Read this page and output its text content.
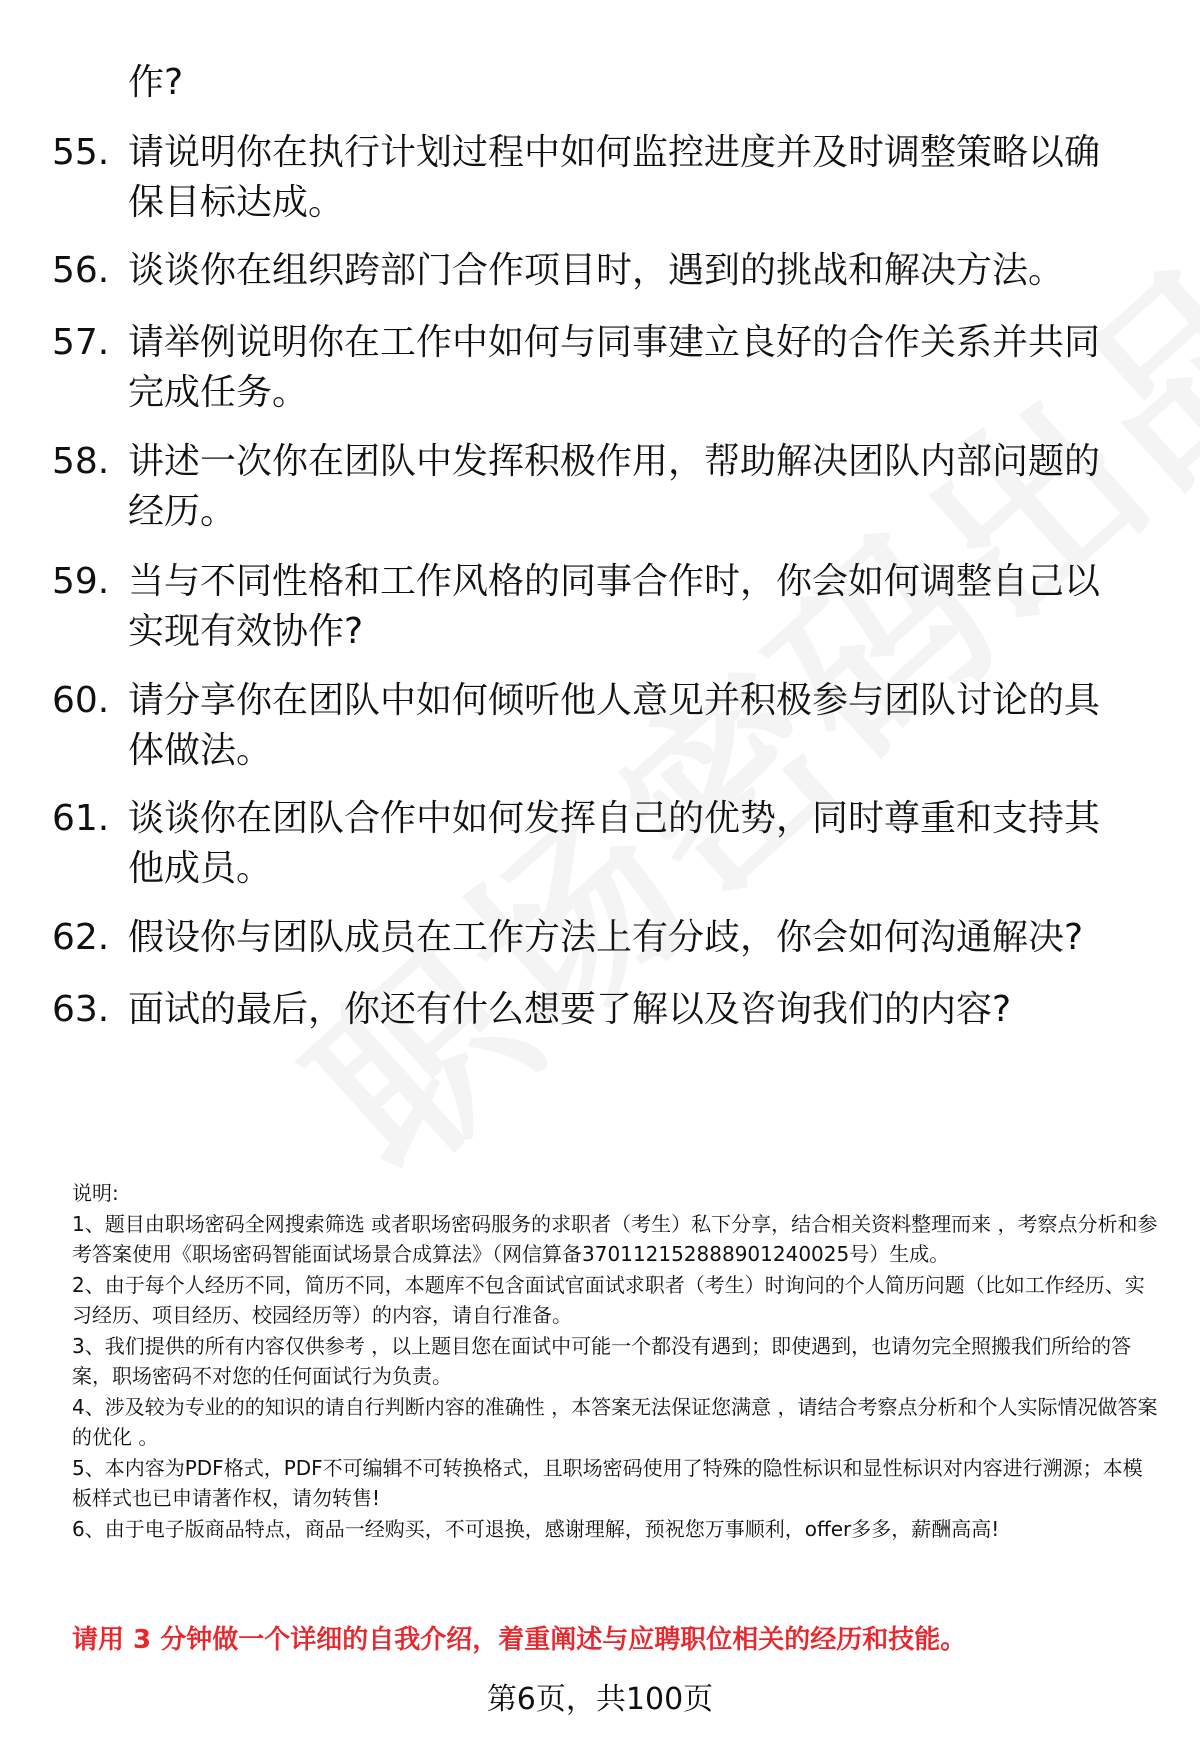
作?
55. 请说明你在执行计划过程中如何监控进度并及时调整策略以确保目标达成。
56. 谈谈你在组织跨部门合作项目时，遇到的挑战和解决方法。
57. 请举例说明你在工作中如何与同事建立良好的合作关系并共同完成任务。
58. 讲述一次你在团队中发挥积极作用，帮助解决团队内部问题的经历。
59. 当与不同性格和工作风格的同事合作时，你会如何调整自己以实现有效协作?
60. 请分享你在团队中如何倾听他人意见并积极参与团队讨论的具体做法。
61. 谈谈你在团队合作中如何发挥自己的优势，同时尊重和支持其他成员。
62. 假设你与团队成员在工作方法上有分歧，你会如何沟通解决?
63. 面试的最后，你还有什么想要了解以及咨询我们的内容?
说明:
1、题目由职场密码全网搜索筛选 或者职场密码服务的求职者（考生）私下分享，结合相关资料整理而来 ，考察点分析和参考答案使用《职场密码智能面试场景合成算法》（网信算备370112152888901240025号）生成。
2、由于每个人经历不同，简历不同，本题库不包含面试官面试求职者（考生）时询问的个人简历问题（比如工作经历、实习经历、项目经历、校园经历等）的内容，请自行准备。
3、我们提供的所有内容仅供参考 ，以上题目您在面试中可能一个都没有遇到；即使遇到，也请勿完全照搬我们所给的答案，职场密码不对您的任何面试行为负责。
4、涉及较为专业的的知识的请自行判断内容的准确性 ，本答案无法保证您满意 ，请结合考察点分析和个人实际情况做答案的优化 。
5、本内容为PDF格式，PDF不可编辑不可转换格式，且职场密码使用了特殊的隐性标识和显性标识对内容进行溯源；本模板样式也已申请著作权，请勿转售!
6、由于电子版商品特点，商品一经购买，不可退换，感谢理解，预祝您万事顺利，offer多多，薪酬高高!
请用 3 分钟做一个详细的自我介绍，着重阐述与应聘职位相关的经历和技能。
第6页，共100页
